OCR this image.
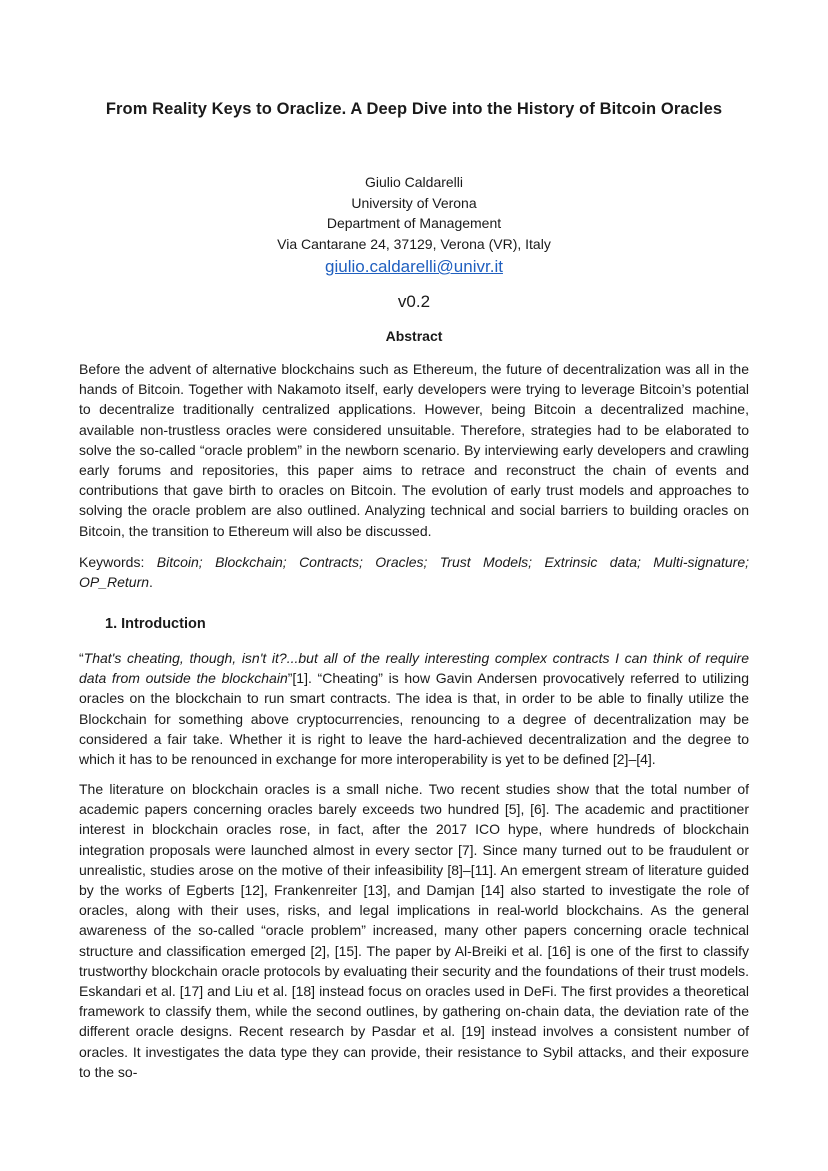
From Reality Keys to Oraclize. A Deep Dive into the History of Bitcoin Oracles
Giulio Caldarelli
University of Verona
Department of Management
Via Cantarane 24, 37129, Verona (VR), Italy
giulio.caldarelli@univr.it
v0.2
Abstract

Before the advent of alternative blockchains such as Ethereum, the future of decentralization was all in the hands of Bitcoin. Together with Nakamoto itself, early developers were trying to leverage Bitcoin’s potential to decentralize traditionally centralized applications. However, being Bitcoin a decentralized machine, available non-trustless oracles were considered unsuitable. Therefore, strategies had to be elaborated to solve the so-called “oracle problem” in the newborn scenario. By interviewing early developers and crawling early forums and repositories, this paper aims to retrace and reconstruct the chain of events and contributions that gave birth to oracles on Bitcoin. The evolution of early trust models and approaches to solving the oracle problem are also outlined. Analyzing technical and social barriers to building oracles on Bitcoin, the transition to Ethereum will also be discussed.

Keywords: Bitcoin; Blockchain; Contracts; Oracles; Trust Models; Extrinsic data; Multi-signature; OP_Return.

1. Introduction

“That's cheating, though, isn't it?...but all of the really interesting complex contracts I can think of require data from outside the blockchain”[1]. “Cheating” is how Gavin Andersen provocatively referred to utilizing oracles on the blockchain to run smart contracts. The idea is that, in order to be able to finally utilize the Blockchain for something above cryptocurrencies, renouncing to a degree of decentralization may be considered a fair take. Whether it is right to leave the hard-achieved decentralization and the degree to which it has to be renounced in exchange for more interoperability is yet to be defined [2]–[4].

The literature on blockchain oracles is a small niche. Two recent studies show that the total number of academic papers concerning oracles barely exceeds two hundred [5], [6]. The academic and practitioner interest in blockchain oracles rose, in fact, after the 2017 ICO hype, where hundreds of blockchain integration proposals were launched almost in every sector [7]. Since many turned out to be fraudulent or unrealistic, studies arose on the motive of their infeasibility [8]–[11]. An emergent stream of literature guided by the works of Egberts [12], Frankenreiter [13], and Damjan [14] also started to investigate the role of oracles, along with their uses, risks, and legal implications in real-world blockchains. As the general awareness of the so-called “oracle problem” increased, many other papers concerning oracle technical structure and classification emerged [2], [15]. The paper by Al-Breiki et al. [16] is one of the first to classify trustworthy blockchain oracle protocols by evaluating their security and the foundations of their trust models. Eskandari et al. [17] and Liu et al. [18] instead focus on oracles used in DeFi. The first provides a theoretical framework to classify them, while the second outlines, by gathering on-chain data, the deviation rate of the different oracle designs. Recent research by Pasdar et al. [19] instead involves a consistent number of oracles. It investigates the data type they can provide, their resistance to Sybil attacks, and their exposure to the so-
